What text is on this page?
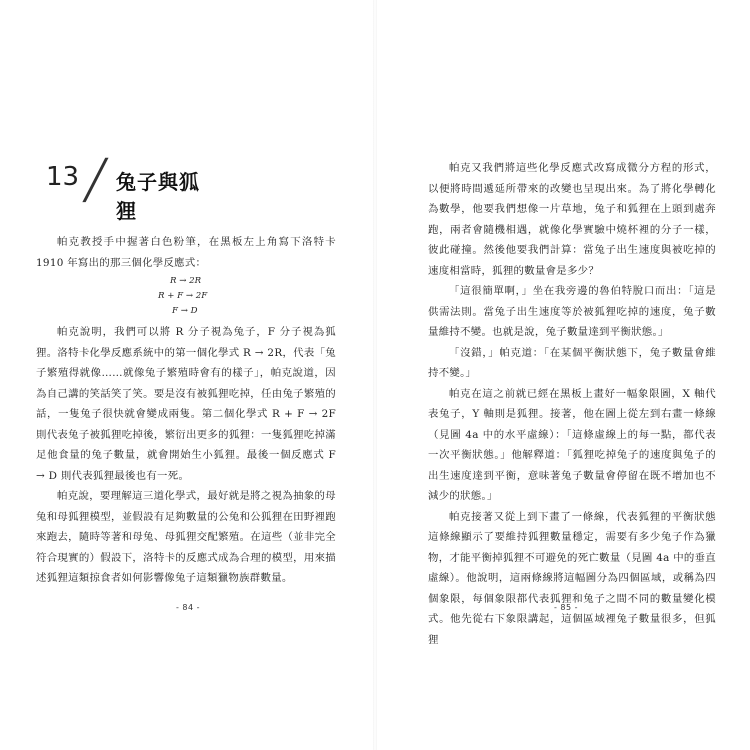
13 ╱ 兔子與狐狸

帕克教授手中握著白色粉筆，在黑板左上角寫下洛特卡1910 年寫出的那三個化學反應式：

R → 2R
R + F → 2F
F → D

帕克說明，我們可以將 R 分子視為兔子，F 分子視為狐狸。洛特卡化學反應系統中的第一個化學式 R → 2R，代表「兔子繁殖得就像……就像兔子繁殖時會有的樣子」，帕克說道，因為自己講的笑話笑了笑。要是沒有被狐狸吃掉，任由兔子繁殖的話，一隻兔子很快就會變成兩隻。第二個化學式 R + F → 2F 則代表兔子被狐狸吃掉後，繁衍出更多的狐狸：一隻狐狸吃掉滿足他食量的兔子數量，就會開始生小狐狸。最後一個反應式 F → D 則代表狐狸最後也有一死。

帕克說，要理解這三道化學式，最好就是將之視為抽象的母兔和母狐狸模型，並假設有足夠數量的公兔和公狐狸在田野裡跑來跑去，隨時等著和母兔、母狐狸交配繁殖。在這些（並非完全符合現實的）假設下，洛特卡的反應式成為合理的模型，用來描述狐狸這類掠食者如何影響像兔子這類獵物族群數量。

帕克又我們將這些化學反應式改寫成微分方程的形式，以便將時間遞延所帶來的改變也呈現出來。為了將化學轉化為數學，他要我們想像一片草地，兔子和狐狸在上頭到處奔跑，兩者會隨機相遇，就像化學實驗中燒杯裡的分子一樣，彼此碰撞。然後他要我們計算：當兔子出生速度與被吃掉的速度相當時，狐狸的數量會是多少？

「這很簡單啊，」坐在我旁邊的魯伯特脫口而出：「這是供需法則。當兔子出生速度等於被狐狸吃掉的速度，兔子數量維持不變。也就是說，兔子數量達到平衡狀態。」

「沒錯，」帕克道：「在某個平衡狀態下，兔子數量會維持不變。」

帕克在這之前就已經在黑板上畫好一幅象限圖，X 軸代表兔子，Y 軸則是狐狸。接著，他在圖上從左到右畫一條線（見圖 4a 中的水平虛線）：「這條虛線上的每一點，都代表一次平衡狀態。」他解釋道：「狐狸吃掉兔子的速度與兔子的出生速度達到平衡，意味著兔子數量會停留在既不增加也不減少的狀態。」

帕克接著又從上到下畫了一條線，代表狐狸的平衡狀態這條線顯示了要維持狐狸數量穩定，需要有多少兔子作為獵物，才能平衡掉狐狸不可避免的死亡數量（見圖 4a 中的垂直虛線）。他說明，這兩條線將這幅圖分為四個區域，或稱為四個象限，每個象限都代表狐狸和兔子之間不同的數量變化模式。他先從右下象限講起，這個區域裡兔子數量很多，但狐狸

- 84 -	- 85 -
